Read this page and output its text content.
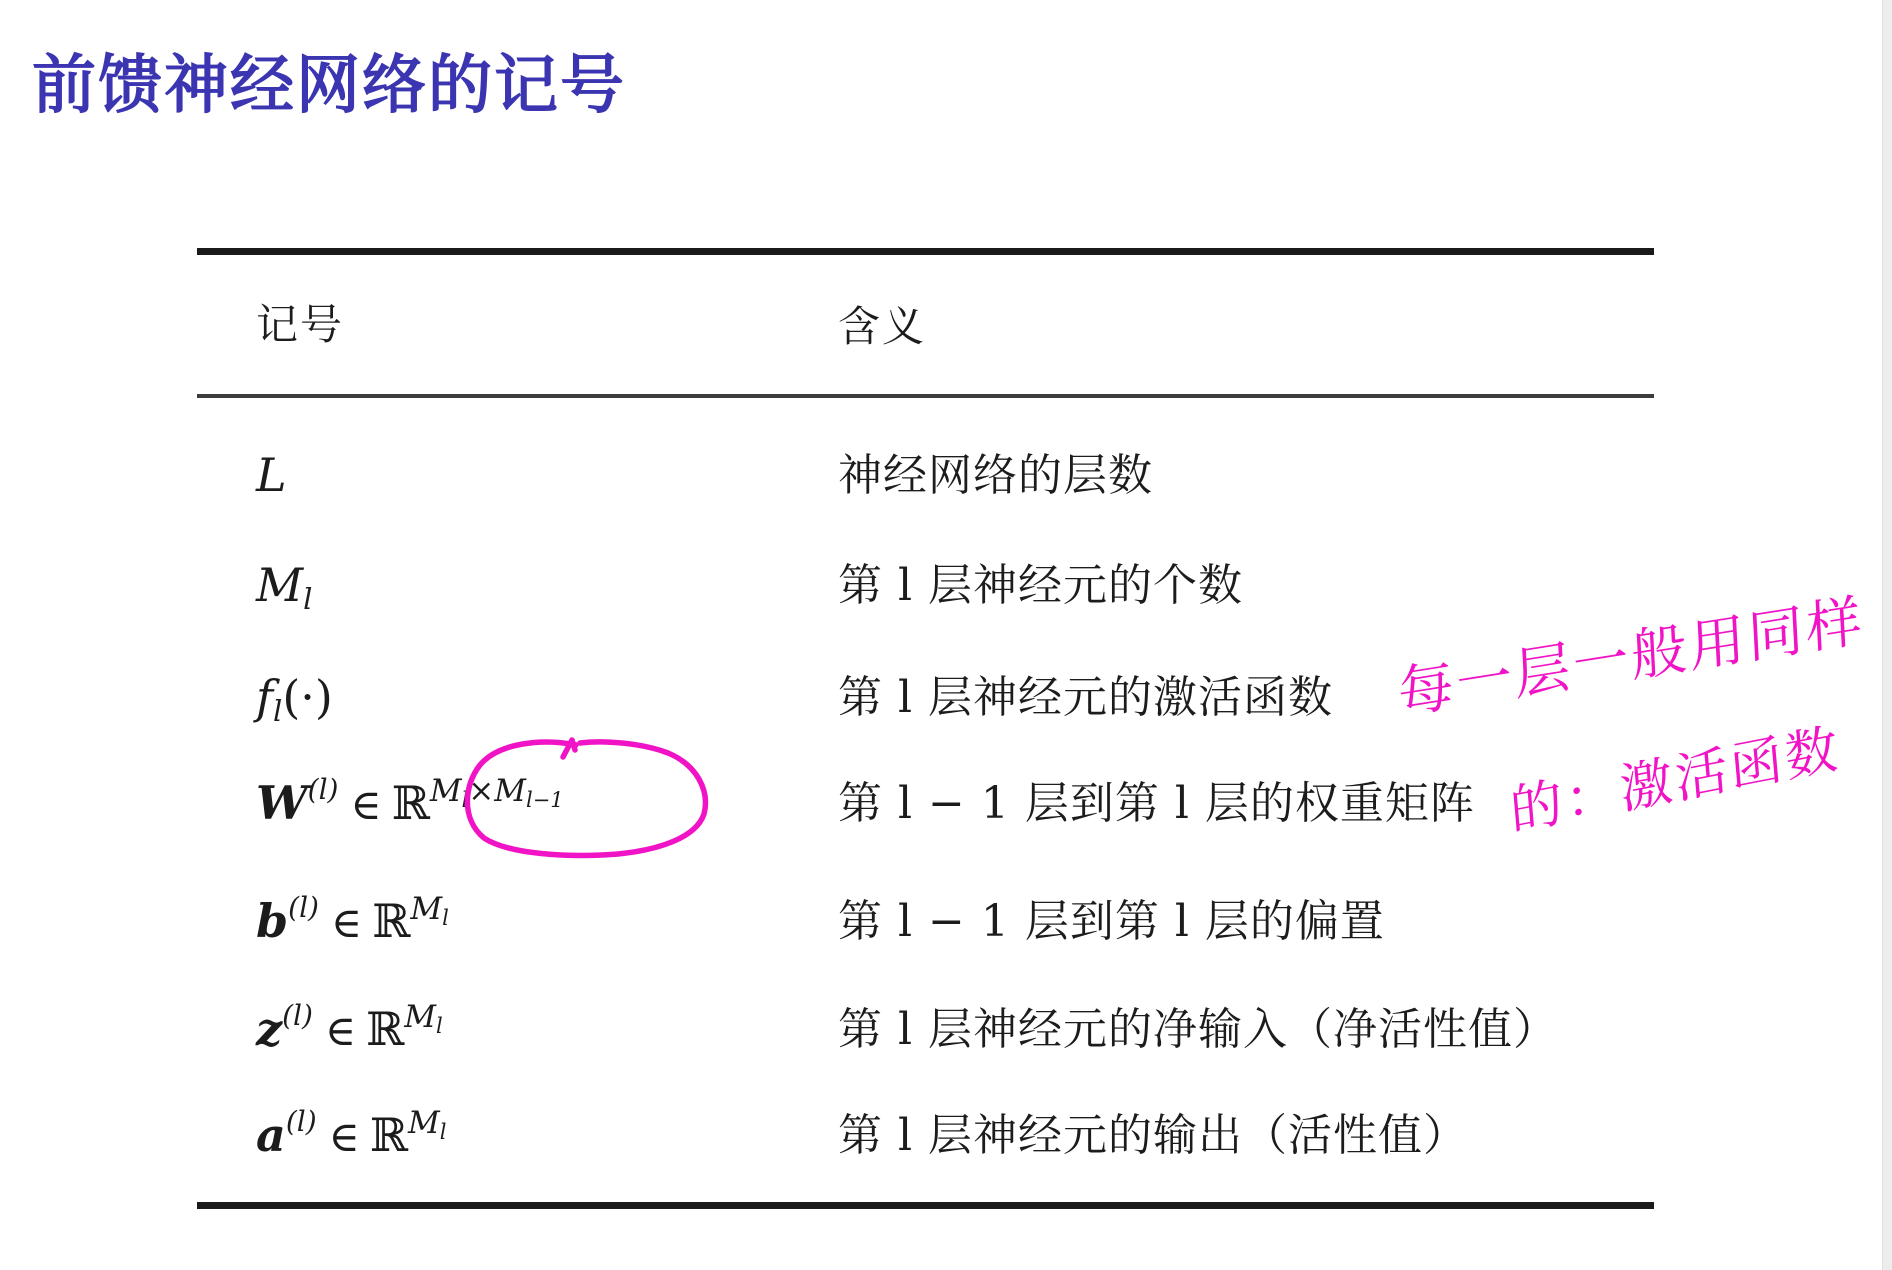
前馈神经网络的记号
记号	含义
L	神经网络的层数
$M_l$	第 l 层神经元的个数
$f_l(\cdot)$	第 l 层神经元的激活函数
$W^{(l)}$ ∈ ℝ$^{M_l\times M_{l-1}}$	第 l − 1 层到第 l 层的权重矩阵
$b^{(l)}$ ∈ ℝ$^{M_l}$	第 l − 1 层到第 l 层的偏置
$z^{(l)}$ ∈ ℝ$^{M_l}$	第 l 层神经元的净输入（净活性值）
$a^{(l)}$ ∈ ℝ$^{M_l}$	第 l 层神经元的输出（活性值）
每一层一般用同样
的：激活函数
